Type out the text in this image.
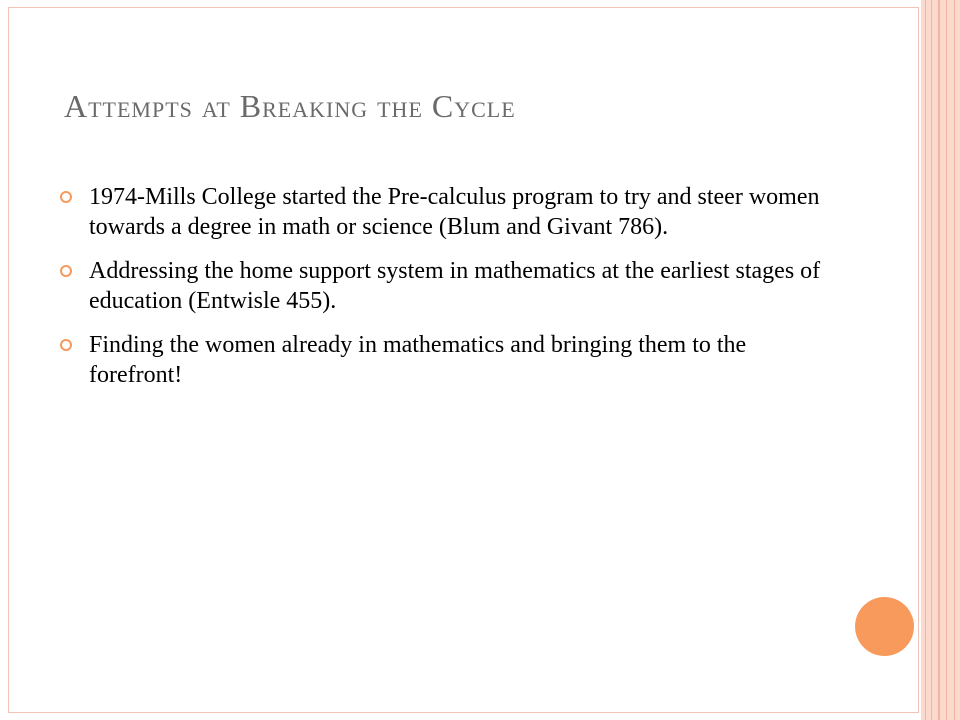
Attempts at Breaking the Cycle
1974-Mills College started the Pre-calculus program to try and steer women towards a degree in math or science (Blum and Givant 786).
Addressing the home support system in mathematics at the earliest stages of education (Entwisle 455).
Finding the women already in mathematics and bringing them to the forefront!
